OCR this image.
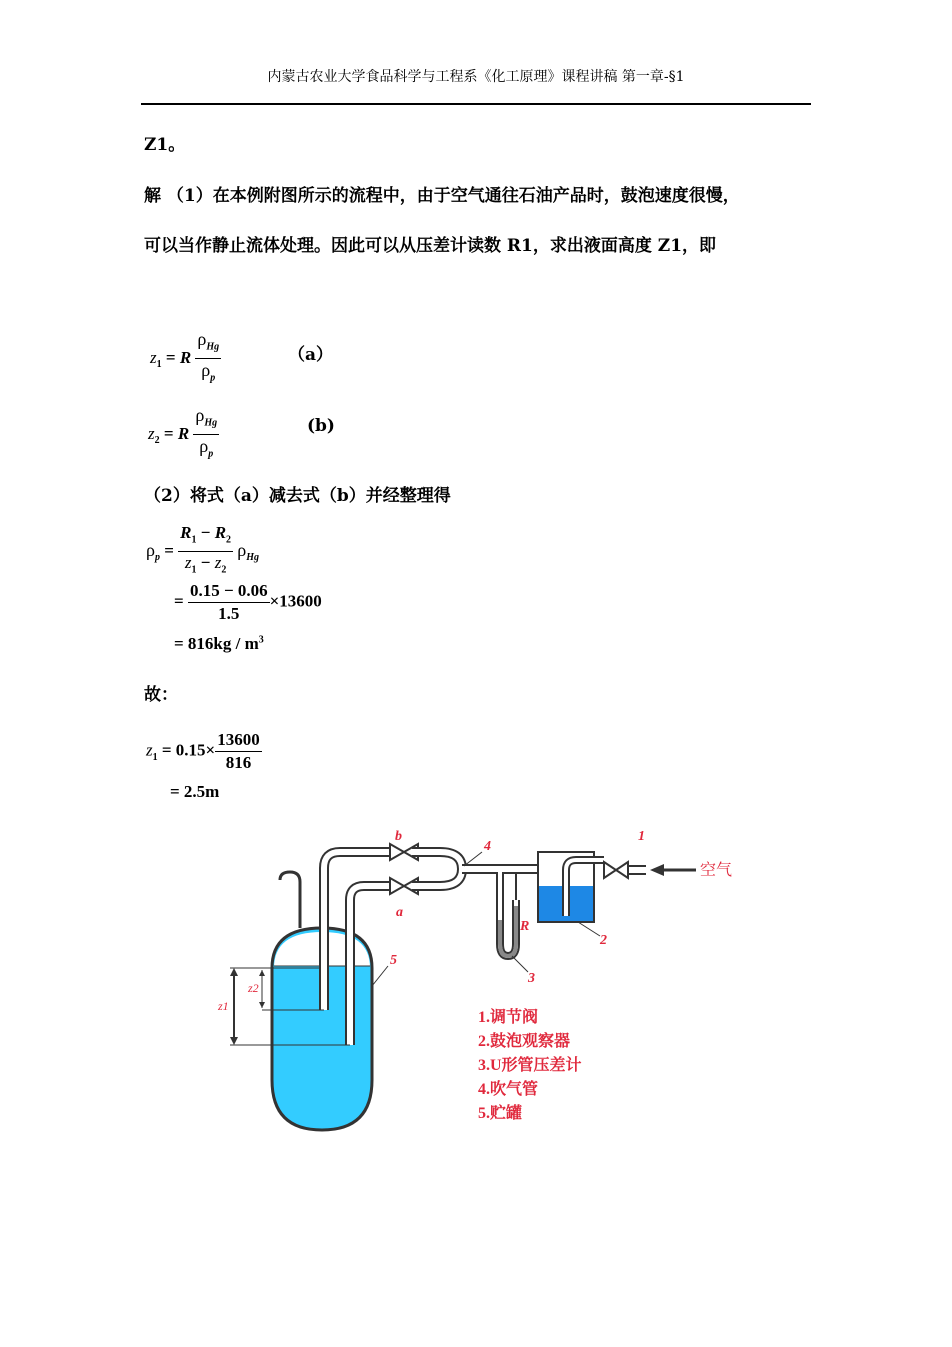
内蒙古农业大学食品科学与工程系《化工原理》课程讲稿 第一章-§1
Z1。
解 （1）在本例附图所示的流程中，由于空气通往石油产品时，鼓泡速度很慢，
可以当作静止流体处理。因此可以从压差计读数 R1，求出液面高度 Z1，即
$z_1 = R \frac{\rho_{Hg}}{\rho_p}$	（a）
$z_2 = R \frac{\rho_{Hg}}{\rho_p}$	(b)
（2）将式（a）减去式（b）并经整理得
$\rho_p = \frac{R_1 - R_2}{z_1 - z_2} \rho_{Hg}$
= $\frac{0.15 - 0.06}{1.5} \times 13600$
= $816kg / m^3$
故：
$z_1 = 0.15\times \frac{13600}{816}$
= 2.5m
空气
z1
z2
R
b
a
1
2
3
4
5
1.调节阀
2.鼓泡观察器
3.U形管压差计
4.吹气管
5.贮罐
